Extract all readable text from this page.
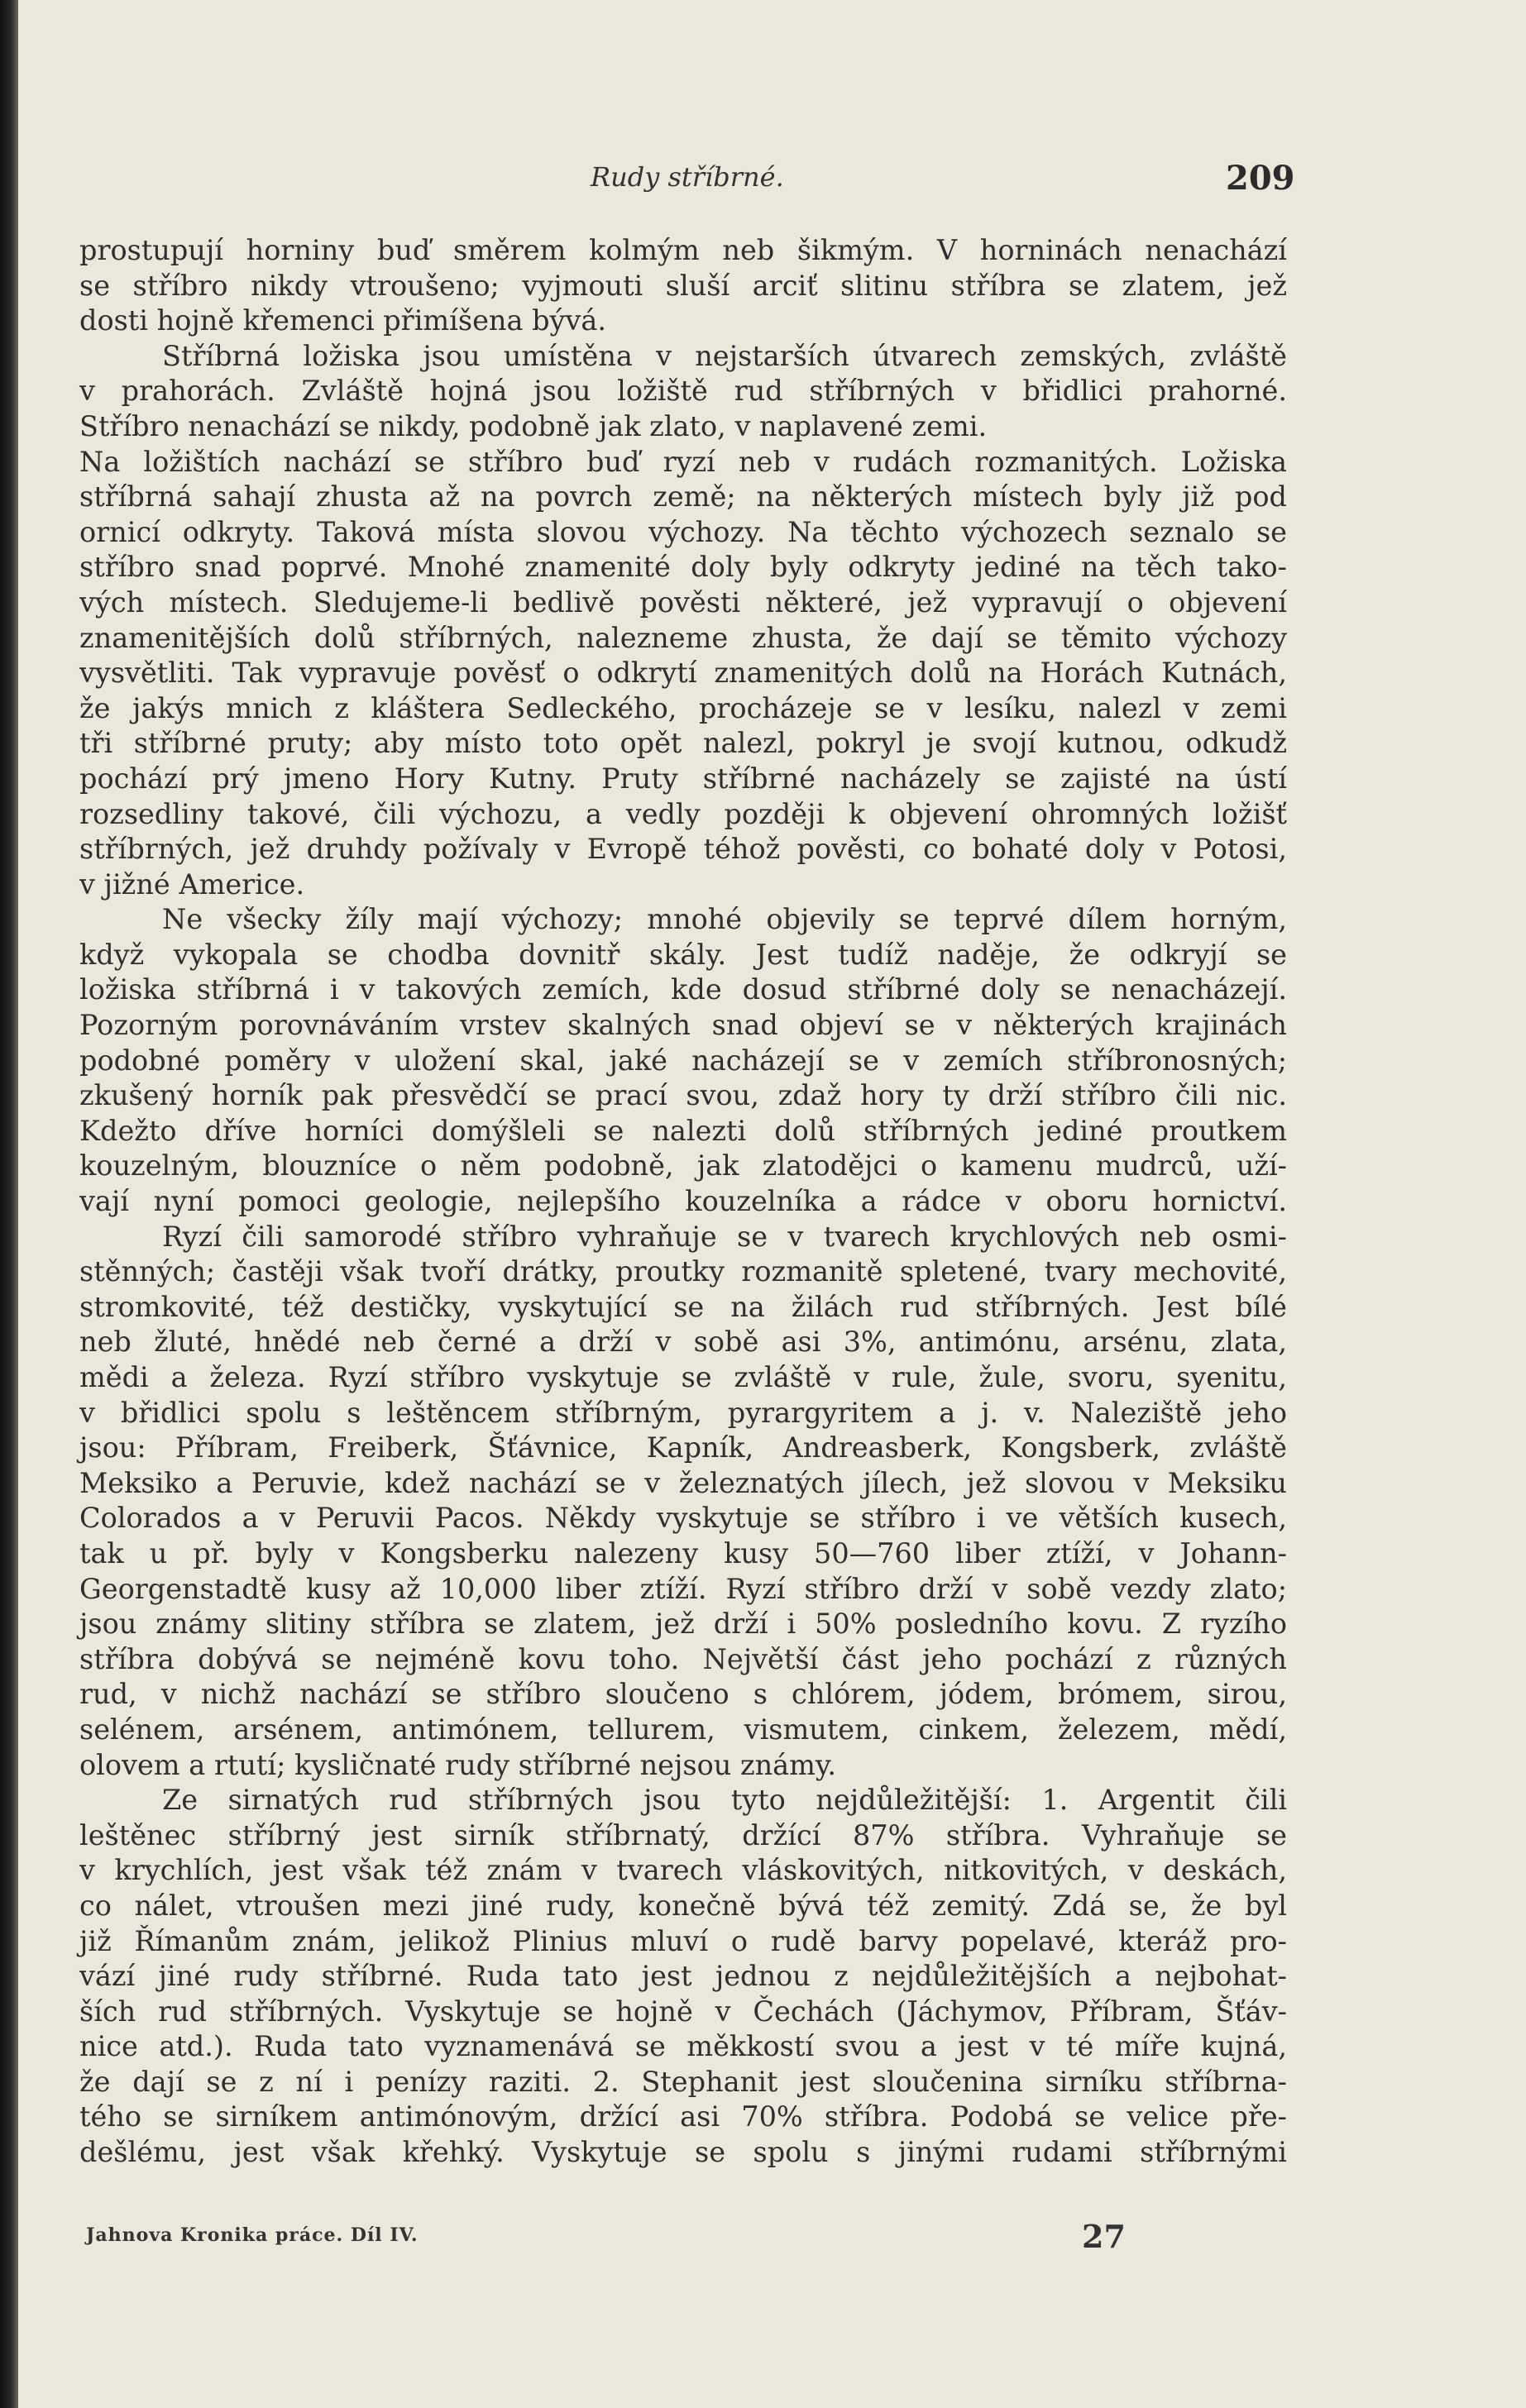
Rudy stříbrné.	209
prostupují horniny buď směrem kolmým neb šikmým. V horninách nenachází
se stříbro nikdy vtroušeno; vyjmouti sluší arciť slitinu stříbra se zlatem, jež
dosti hojně křemenci přimíšena bývá.
Stříbrná ložiska jsou umístěna v nejstarších útvarech zemských, zvláště
v prahorách. Zvláště hojná jsou ložiště rud stříbrných v břidlici prahorné.
Stříbro nenachází se nikdy, podobně jak zlato, v naplavené zemi.
Na ložištích nachází se stříbro buď ryzí neb v rudách rozmanitých. Ložiska
stříbrná sahají zhusta až na povrch země; na některých místech byly již pod
ornicí odkryty. Taková místa slovou výchozy. Na těchto výchozech seznalo se
stříbro snad poprvé. Mnohé znamenité doly byly odkryty jediné na těch tako-
vých místech. Sledujeme-li bedlivě pověsti některé, jež vypravují o objevení
znamenitějších dolů stříbrných, nalezneme zhusta, že dají se těmito výchozy
vysvětliti. Tak vypravuje pověsť o odkrytí znamenitých dolů na Horách Kutnách,
že jakýs mnich z kláštera Sedleckého, procházeje se v lesíku, nalezl v zemi
tři stříbrné pruty; aby místo toto opět nalezl, pokryl je svojí kutnou, odkudž
pochází prý jmeno Hory Kutny. Pruty stříbrné nacházely se zajisté na ústí
rozsedliny takové, čili výchozu, a vedly později k objevení ohromných ložišť
stříbrných, jež druhdy požívaly v Evropě téhož pověsti, co bohaté doly v Potosi,
v jižné Americe.
Ne všecky žíly mají výchozy; mnohé objevily se teprvé dílem horným,
když vykopala se chodba dovnitř skály. Jest tudíž naděje, že odkryjí se
ložiska stříbrná i v takových zemích, kde dosud stříbrné doly se nenacházejí.
Pozorným porovnáváním vrstev skalných snad objeví se v některých krajinách
podobné poměry v uložení skal, jaké nacházejí se v zemích stříbronosných;
zkušený horník pak přesvědčí se prací svou, zdaž hory ty drží stříbro čili nic.
Kdežto dříve horníci domýšleli se nalezti dolů stříbrných jediné proutkem
kouzelným, blouzníce o něm podobně, jak zlatodějci o kamenu mudrců, uží-
vají nyní pomoci geologie, nejlepšího kouzelníka a rádce v oboru hornictví.
Ryzí čili samorodé stříbro vyhraňuje se v tvarech krychlových neb osmi-
stěnných; častěji však tvoří drátky, proutky rozmanitě spletené, tvary mechovité,
stromkovité, též destičky, vyskytující se na žilách rud stříbrných. Jest bílé
neb žluté, hnědé neb černé a drží v sobě asi 3%, antimónu, arsénu, zlata,
mědi a železa. Ryzí stříbro vyskytuje se zvláště v rule, žule, svoru, syenitu,
v břidlici spolu s leštěncem stříbrným, pyrargyritem a j. v. Naleziště jeho
jsou: Příbram, Freiberk, Šťávnice, Kapník, Andreasberk, Kongsberk, zvláště
Meksiko a Peruvie, kdež nachází se v železnatých jílech, jež slovou v Meksiku
Colorados a v Peruvii Pacos. Někdy vyskytuje se stříbro i ve větších kusech,
tak u př. byly v Kongsberku nalezeny kusy 50—760 liber ztíží, v Johann-
Georgenstadtě kusy až 10,000 liber ztíží. Ryzí stříbro drží v sobě vezdy zlato;
jsou známy slitiny stříbra se zlatem, jež drží i 50% posledního kovu. Z ryzího
stříbra dobývá se nejméně kovu toho. Největší část jeho pochází z různých
rud, v nichž nachází se stříbro sloučeno s chlórem, jódem, brómem, sirou,
selénem, arsénem, antimónem, tellurem, vismutem, cinkem, železem, mědí,
olovem a rtutí; kysličnaté rudy stříbrné nejsou známy.
Ze sirnatých rud stříbrných jsou tyto nejdůležitější: 1. Argentit čili
leštěnec stříbrný jest sirník stříbrnatý, držící 87% stříbra. Vyhraňuje se
v krychlích, jest však též znám v tvarech vláskovitých, nitkovitých, v deskách,
co nálet, vtroušen mezi jiné rudy, konečně bývá též zemitý. Zdá se, že byl
již Římanům znám, jelikož Plinius mluví o rudě barvy popelavé, kteráž pro-
vází jiné rudy stříbrné. Ruda tato jest jednou z nejdůležitějších a nejbohat-
ších rud stříbrných. Vyskytuje se hojně v Čechách (Jáchymov, Příbram, Šťáv-
nice atd.). Ruda tato vyznamenává se měkkostí svou a jest v té míře kujná,
že dají se z ní i penízy raziti. 2. Stephanit jest sloučenina sirníku stříbrna-
tého se sirníkem antimónovým, držící asi 70% stříbra. Podobá se velice pře-
dešlému, jest však křehký. Vyskytuje se spolu s jinými rudami stříbrnými
Jahnova Kronika práce. Díl IV.	27
